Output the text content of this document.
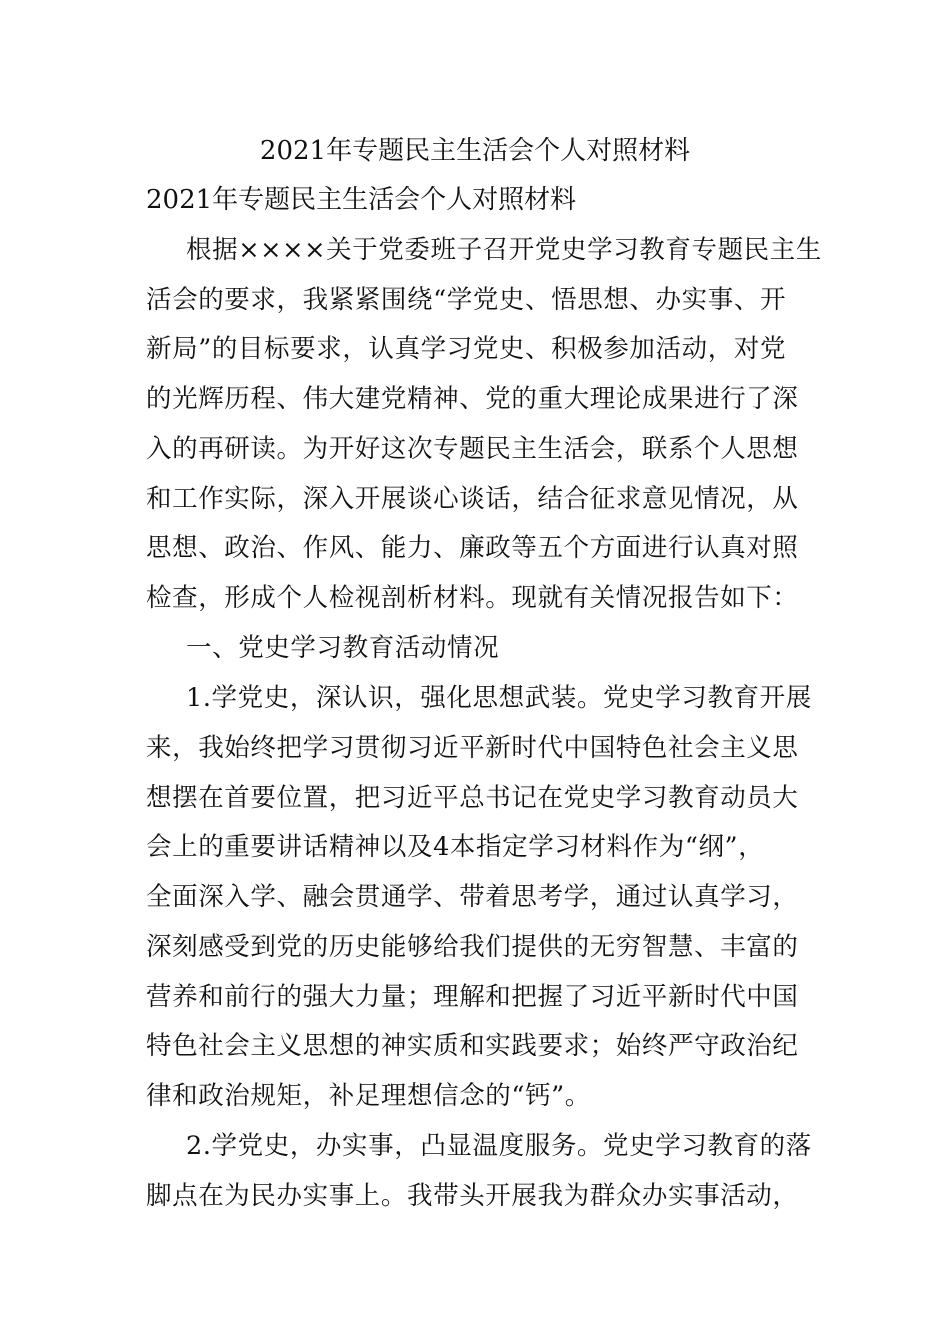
2021年专题民主生活会个人对照材料
2021年专题民主生活会个人对照材料
根据××××关于党委班子召开党史学习教育专题民主生
活会的要求，我紧紧围绕“学党史、悟思想、办实事、开
新局”的目标要求，认真学习党史、积极参加活动，对党
的光辉历程、伟大建党精神、党的重大理论成果进行了深
入的再研读。为开好这次专题民主生活会，联系个人思想
和工作实际，深入开展谈心谈话，结合征求意见情况，从
思想、政治、作风、能力、廉政等五个方面进行认真对照
检查，形成个人检视剖析材料。现就有关情况报告如下：
一、党史学习教育活动情况
1.学党史，深认识，强化思想武装。党史学习教育开展
来，我始终把学习贯彻习近平新时代中国特色社会主义思
想摆在首要位置，把习近平总书记在党史学习教育动员大
会上的重要讲话精神以及4本指定学习材料作为“纲”，
全面深入学、融会贯通学、带着思考学，通过认真学习，
深刻感受到党的历史能够给我们提供的无穷智慧、丰富的
营养和前行的强大力量；理解和把握了习近平新时代中国
特色社会主义思想的神实质和实践要求；始终严守政治纪
律和政治规矩，补足理想信念的“钙”。
2.学党史，办实事，凸显温度服务。党史学习教育的落
脚点在为民办实事上。我带头开展我为群众办实事活动，
